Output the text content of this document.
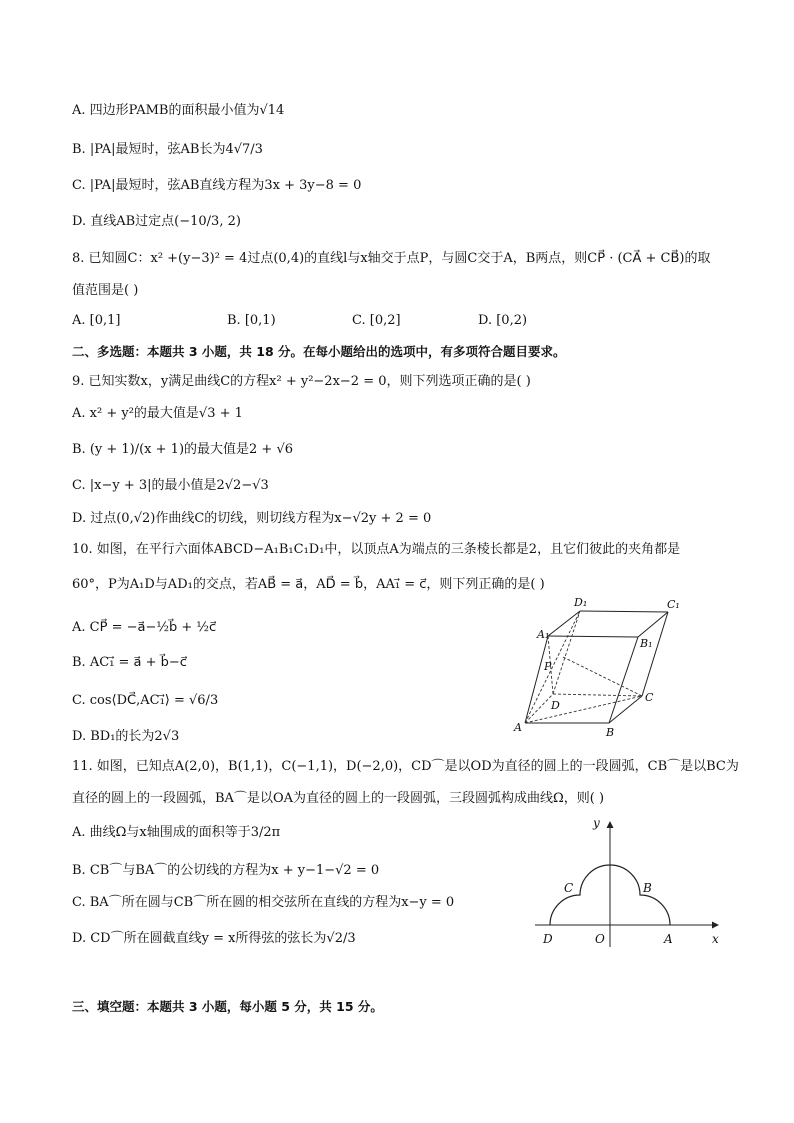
A. 四边形PAMB的面积最小值为√14
B. |PA|最短时，弦AB长为4√7/3
C. |PA|最短时，弦AB直线方程为3x + 3y−8 = 0
D. 直线AB过定点(−10/3, 2)
8. 已知圆C：x² +(y−3)² = 4过点(0,4)的直线l与x轴交于点P，与圆C交于A，B两点，则CP⃗ · (CA⃗ + CB⃗)的取
值范围是( )
A. [0,1]	B. [0,1)	C. [0,2]	D. [0,2)
二、多选题：本题共 3 小题，共 18 分。在每小题给出的选项中，有多项符合题目要求。
9. 已知实数x，y满足曲线C的方程x² + y²−2x−2 = 0，则下列选项正确的是( )
A. x² + y²的最大值是√3 + 1
B. (y + 1)/(x + 1)的最大值是2 + √6
C. |x−y + 3|的最小值是2√2−√3
D. 过点(0,√2)作曲线C的切线，则切线方程为x−√2y + 2 = 0
10. 如图，在平行六面体ABCD−A₁B₁C₁D₁中，以顶点A为端点的三条棱长都是2，且它们彼此的夹角都是
60°，P为A₁D与AD₁的交点，若AB⃗ = a⃗，AD⃗ = b⃗，AA₁⃗ = c⃗，则下列正确的是( )
A. CP⃗ = −a⃗−½b⃗ + ½c⃗
B. AC₁⃗ = a⃗ + b⃗−c⃗
C. cos⟨DC⃗,AC₁⃗⟩ = √6/3
D. BD₁的长为2√3
D₁	C₁
A₁
B₁
P
D
C
A	B
11. 如图，已知点A(2,0)，B(1,1)，C(−1,1)，D(−2,0)，CD⌒是以OD为直径的圆上的一段圆弧，CB⌒是以BC为
直径的圆上的一段圆弧，BA⌒是以OA为直径的圆上的一段圆弧，三段圆弧构成曲线Ω，则( )
A. 曲线Ω与x轴围成的面积等于3/2π
B. CB⌒与BA⌒的公切线的方程为x + y−1−√2 = 0
C. BA⌒所在圆与CB⌒所在圆的相交弦所在直线的方程为x−y = 0
D. CD⌒所在圆截直线y = x所得弦的弦长为√2/3
y
x
C	B
D	O	A
三、填空题：本题共 3 小题，每小题 5 分，共 15 分。
